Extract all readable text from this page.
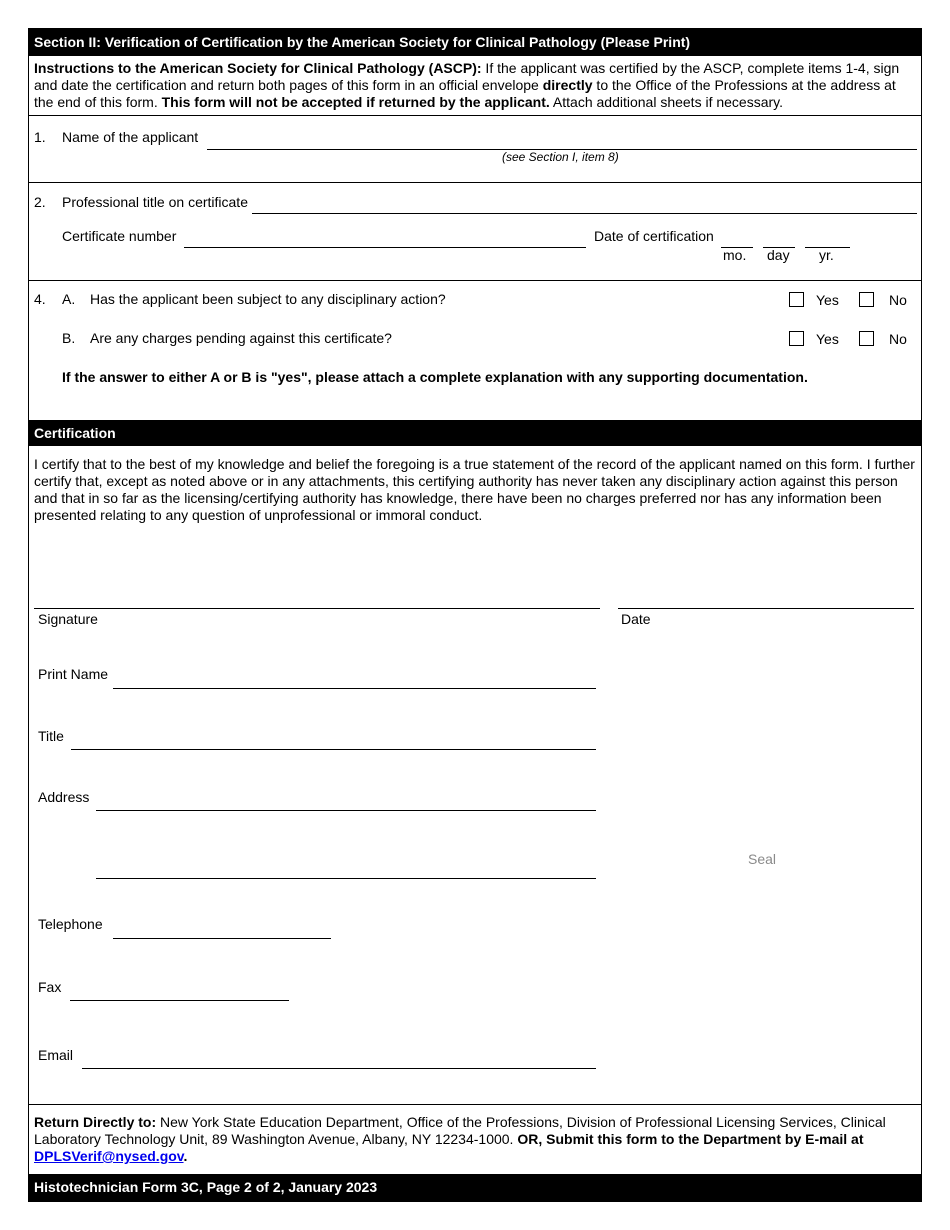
Section II: Verification of Certification by the American Society for Clinical Pathology (Please Print)
Instructions to the American Society for Clinical Pathology (ASCP): If the applicant was certified by the ASCP, complete items 1-4, sign and date the certification and return both pages of this form in an official envelope directly to the Office of the Professions at the address at the end of this form. This form will not be accepted if returned by the applicant. Attach additional sheets if necessary.
1. Name of the applicant
(see Section I, item 8)
2. Professional title on certificate
Certificate number	Date of certification
mo. day yr.
4. A. Has the applicant been subject to any disciplinary action?	Yes	No
B. Are any charges pending against this certificate?	Yes	No
If the answer to either A or B is "yes", please attach a complete explanation with any supporting documentation.
Certification
I certify that to the best of my knowledge and belief the foregoing is a true statement of the record of the applicant named on this form. I further certify that, except as noted above or in any attachments, this certifying authority has never taken any disciplinary action against this person and that in so far as the licensing/certifying authority has knowledge, there have been no charges preferred nor has any information been presented relating to any question of unprofessional or immoral conduct.
Signature	Date
Print Name
Title
Address
Seal
Telephone
Fax
Email
Return Directly to: New York State Education Department, Office of the Professions, Division of Professional Licensing Services, Clinical Laboratory Technology Unit, 89 Washington Avenue, Albany, NY 12234-1000. OR, Submit this form to the Department by E-mail at
DPLSVerif@nysed.gov.
Histotechnician Form 3C, Page 2 of 2, January 2023
